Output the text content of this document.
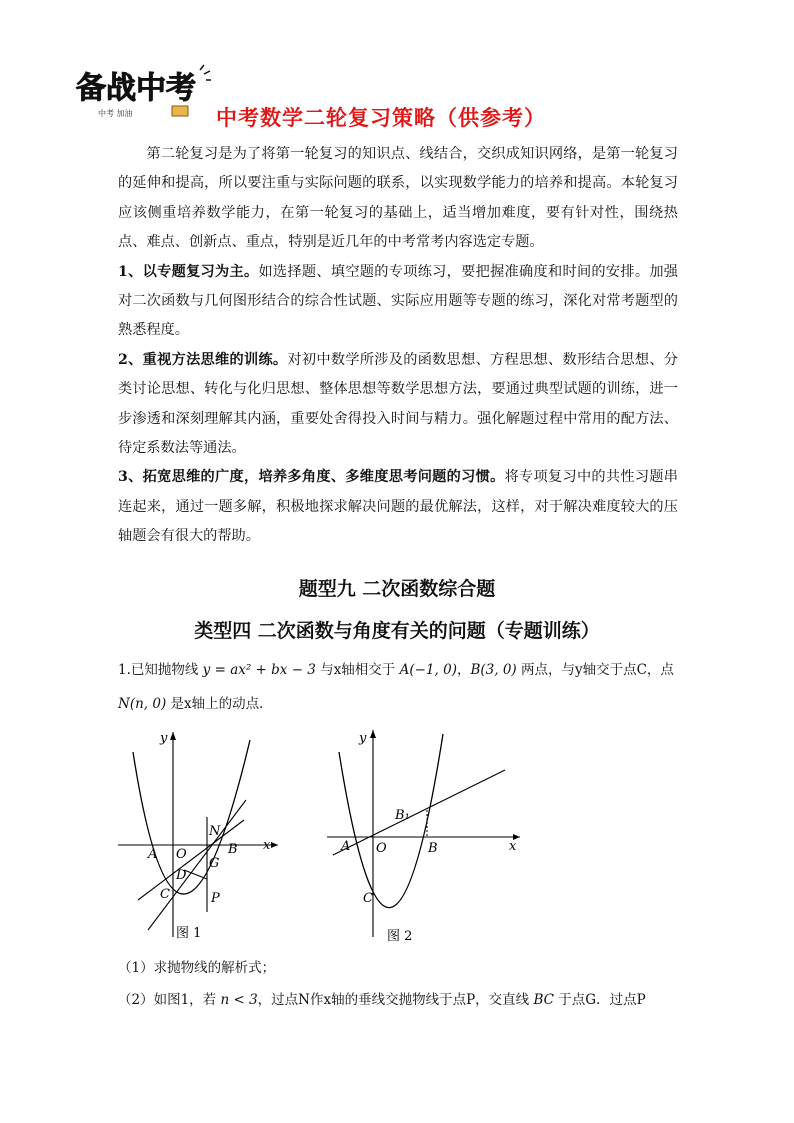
备战中考
中考 加油	中考数学二轮复习策略（供参考）

第二轮复习是为了将第一轮复习的知识点、线结合，交织成知识网络，是第一轮复习的延伸和提高，所以要注重与实际问题的联系，以实现数学能力的培养和提高。本轮复习应该侧重培养数学能力，在第一轮复习的基础上，适当增加难度，要有针对性，围绕热点、难点、创新点、重点，特别是近几年的中考常考内容选定专题。

1、以专题复习为主。如选择题、填空题的专项练习，要把握准确度和时间的安排。加强对二次函数与几何图形结合的综合性试题、实际应用题等专题的练习，深化对常考题型的熟悉程度。

2、重视方法思维的训练。对初中数学所涉及的函数思想、方程思想、数形结合思想、分类讨论思想、转化与化归思想、整体思想等数学思想方法，要通过典型试题的训练，进一步渗透和深刻理解其内涵，重要处舍得投入时间与精力。强化解题过程中常用的配方法、待定系数法等通法。

3、拓宽思维的广度，培养多角度、多维度思考问题的习惯。将专项复习中的共性习题串连起来，通过一题多解，积极地探求解决问题的最优解法，这样，对于解决难度较大的压轴题会有很大的帮助。

题型九 二次函数综合题
类型四 二次函数与角度有关的问题（专题训练）
1.已知抛物线 y = ax² + bx − 3 与x轴相交于 A(−1, 0)，B(3, 0) 两点，与y轴交于点C，点
N(n, 0) 是x轴上的动点．
A O	B
N
G
D
C	P
y
x
图 1
A O	B
B₁
C
y
x
图 2
（1）求抛物线的解析式；
（2）如图1，若 n < 3，过点N作x轴的垂线交抛物线于点P，交直线 BC 于点G．过点P
